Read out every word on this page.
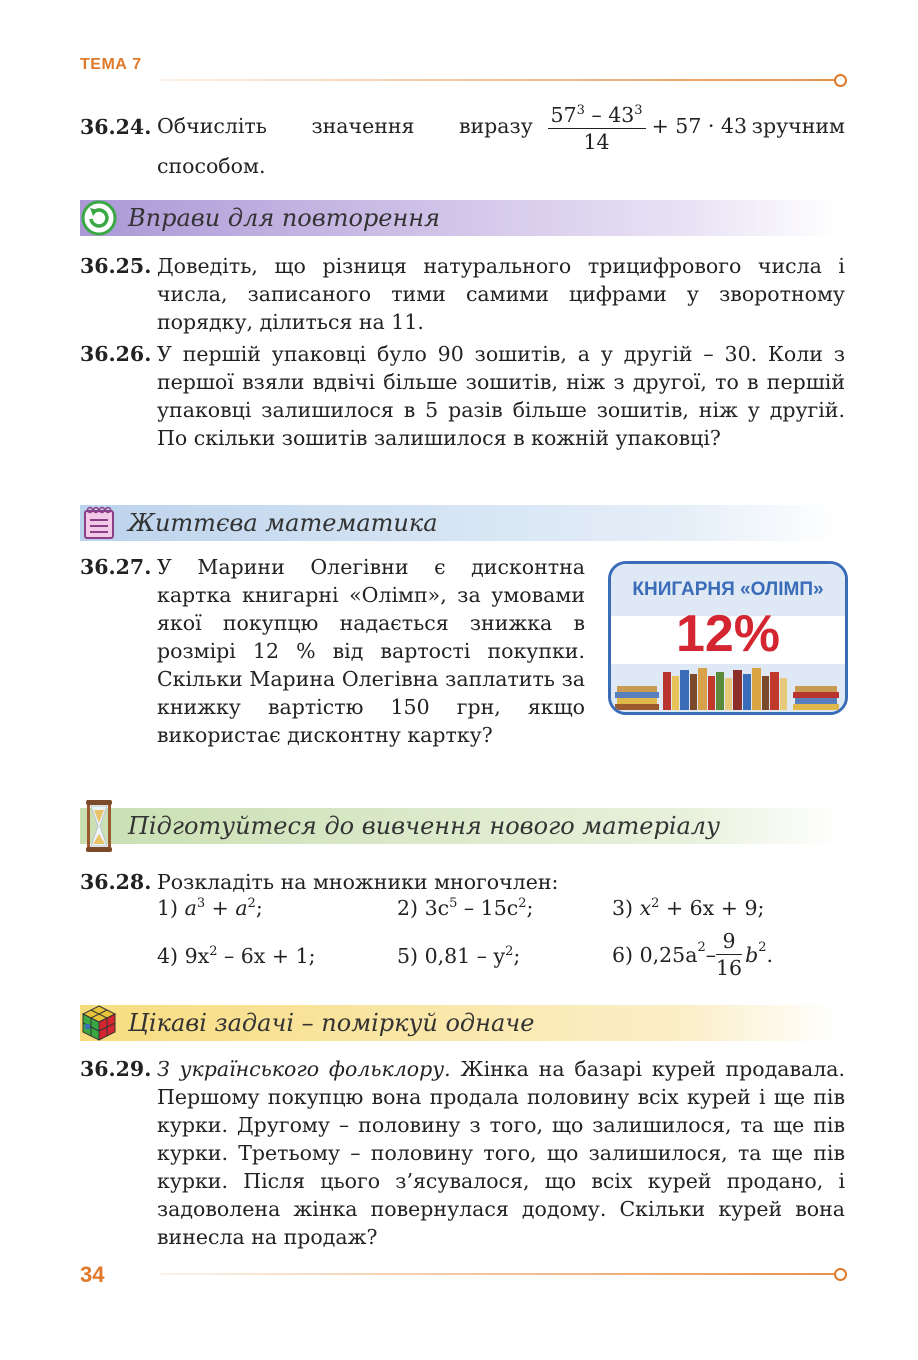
ТЕМА 7
36.24. Обчисліть значення виразу $\frac{57^3 - 43^3}{14} + 57 \cdot 43$ зручним
способом.
Вправи для повторення
36.25. Доведіть, що різниця натурального трицифрового числа і числа, записаного тими самими цифрами у зворотному порядку, ділиться на 11.
36.26. У першій упаковці було 90 зошитів, а у другій – 30. Коли з першої взяли вдвічі більше зошитів, ніж з другої, то в першій упаковці залишилося в 5 разів більше зошитів, ніж у другій. По скільки зошитів залишилося в кожній упаковці?
Життєва математика
36.27. У Марини Олегівни є дисконтна картка книгарні «Олімп», за умовами якої покупцю надається знижка в розмірі 12 % від вартості покупки. Скільки Марина Олегівна заплатить за книжку вартістю 150 грн, якщо використає дисконтну картку?
КНИГАРНЯ «ОЛІМП»
12%
Підготуйтеся до вивчення нового матеріалу
36.28. Розкладіть на множники многочлен:
1) $a^3 + a^2$;	2) $3c^5 - 15c^2$;	3) $x^2 + 6x + 9$;
4) $9x^2 - 6x + 1$;	5) $0,81 - y^2$;	6)
$0,25a^2 - \frac{9}{16} b^2$ .
Цікаві задачі – поміркуй одначе
36.29. З українського фольклору. Жінка на базарі курей продавала. Першому покупцю вона продала половину всіх курей і ще пів курки. Другому – половину з того, що залишилося, та ще пів курки. Третьому – половину того, що залишилося, та ще пів курки. Після цього з’ясувалося, що всіх курей продано, і задоволена жінка повернулася додому. Скільки курей вона винесла на продаж?
34
